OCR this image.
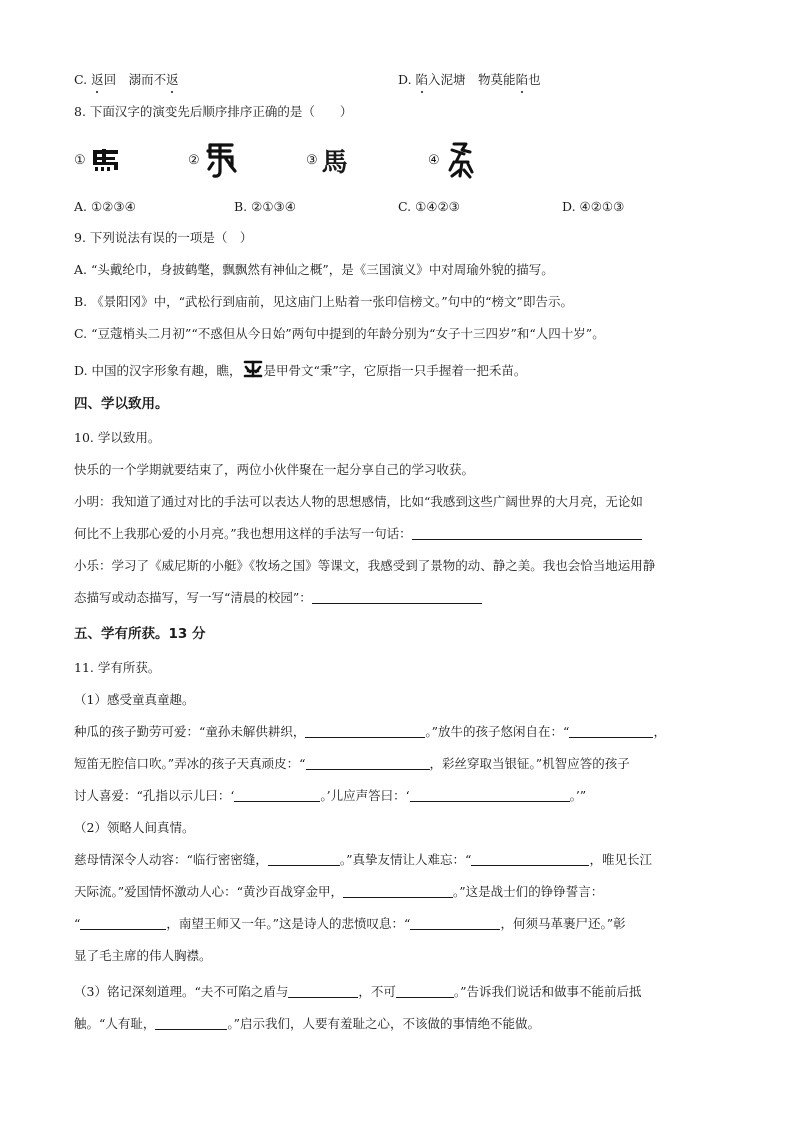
C. 返回　溺而不返	D. 陷入泥塘　物莫能陷也
8. 下面汉字的演变先后顺序排序正确的是（　　）
①	②	③ 馬	④
A. ①②③④	B. ②①③④	C. ①④②③	D. ④②①③
9. 下列说法有误的一项是（　）
A. “头戴纶巾，身披鹤氅，飘飘然有神仙之概”，是《三国演义》中对周瑜外貌的描写。
B. 《景阳冈》中，“武松行到庙前，见这庙门上贴着一张印信榜文。”句中的“榜文”即告示。
C. “豆蔻梢头二月初”“不惑但从今日始”两句中提到的年龄分别为“女子十三四岁”和“人四十岁”。
D. 中国的汉字形象有趣，瞧， 是甲骨文“秉”字，它原指一只手握着一把禾苗。
四、学以致用。
10. 学以致用。
快乐的一个学期就要结束了，两位小伙伴聚在一起分享自己的学习收获。
小明：我知道了通过对比的手法可以表达人物的思想感情，比如“我感到这些广阔世界的大月亮，无论如
何比不上我那心爱的小月亮。”我也想用这样的手法写一句话：
小乐：学习了《威尼斯的小艇》《牧场之国》等课文，我感受到了景物的动、静之美。我也会恰当地运用静
态描写或动态描写，写一写“清晨的校园”：
五、学有所获。13 分
11. 学有所获。
（1）感受童真童趣。
种瓜的孩子勤劳可爱：“童孙未解供耕织，	。”放牛的孩子悠闲自在：“	，
短笛无腔信口吹。”弄冰的孩子天真顽皮：“	，彩丝穿取当银钲。”机智应答的孩子
讨人喜爱：“孔指以示儿曰：‘	。’儿应声答曰：‘	。’”
（2）领略人间真情。
慈母情深令人动容：“临行密密缝，	。”真挚友情让人难忘：“	，唯见长江
天际流。”爱国情怀激动人心：“黄沙百战穿金甲，	。”这是战士们的铮铮誓言：
“	，南望王师又一年。”这是诗人的悲愤叹息：“	，何须马革裹尸还。”彰
显了毛主席的伟人胸襟。
（3）铭记深刻道理。“夫不可陷之盾与	，不可	。”告诉我们说话和做事不能前后抵
触。“人有耻，	。”启示我们，人要有羞耻之心，不该做的事情绝不能做。
